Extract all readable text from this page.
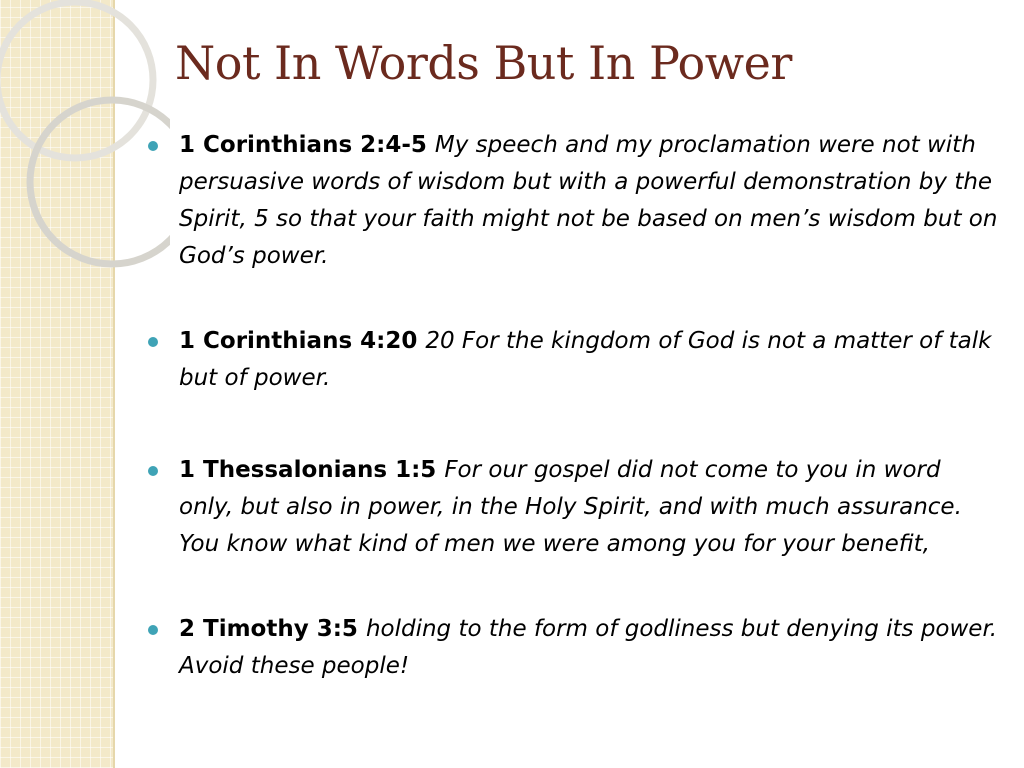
Not In Words But In Power
1 Corinthians 2:4-5 My speech and my proclamation were not with persuasive words of wisdom but with a powerful demonstration by the Spirit, 5 so that your faith might not be based on men’s wisdom but on God’s power.
1 Corinthians 4:20 20 For the kingdom of God is not a matter of talk but of power.
1 Thessalonians 1:5 For our gospel did not come to you in word only, but also in power, in the Holy Spirit, and with much assurance. You know what kind of men we were among you for your benefit,
2 Timothy 3:5 holding to the form of godliness but denying its power. Avoid these people!
